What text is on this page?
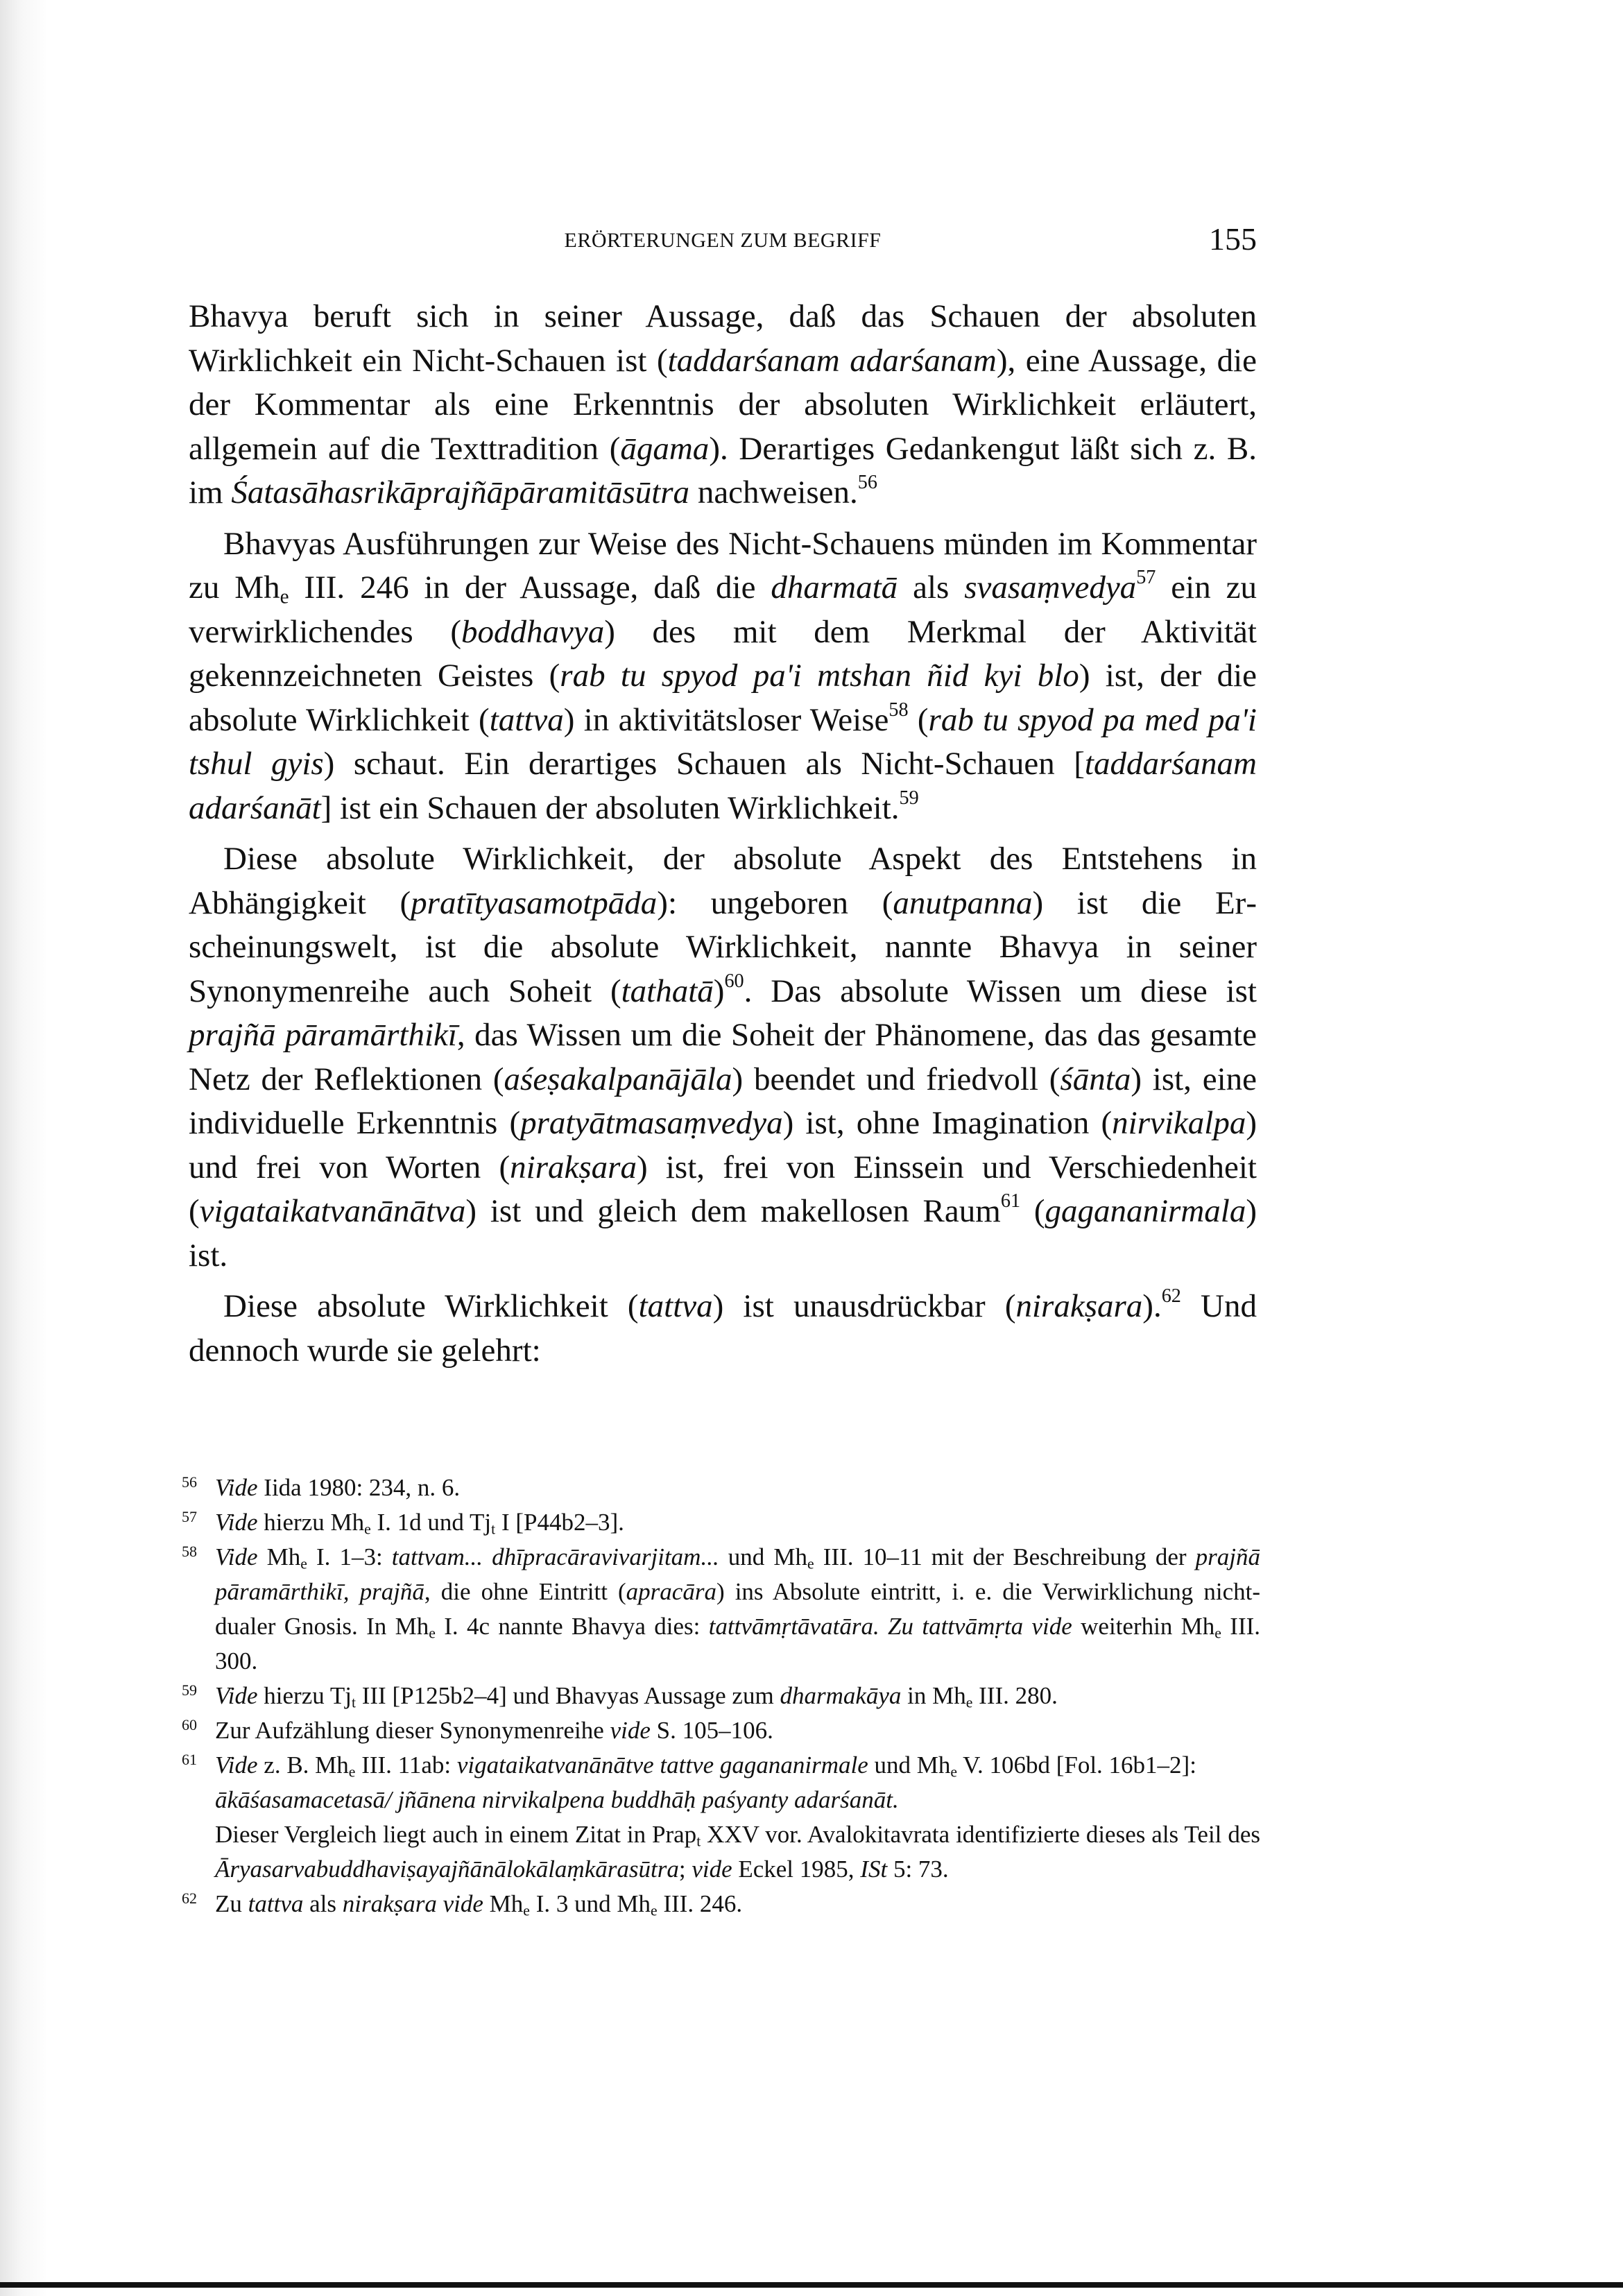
ERÖRTERUNGEN ZUM BEGRIFF	155

Bhavya beruft sich in seiner Aussage, daß das Schauen der absoluten Wirklichkeit ein Nicht-Schauen ist (taddarśanam adarśanam), eine Aussage, die der Kommentar als eine Erkenntnis der absoluten Wirklichkeit erläutert, allgemein auf die Texttradition (āgama). Derartiges Gedankengut läßt sich z. B. im Śatasāhasrikāprajñāpāramitāsūtra nachweisen.$^{56}$

Bhavyas Ausführungen zur Weise des Nicht-Schauens münden im Kommentar zu $Mh_e$ III. 246 in der Aussage, daß die dharmatā als svasaṃvedya$^{57}$ ein zu verwirklichendes (boddhavya) des mit dem Merkmal der Aktivität gekennzeichneten Geistes (rab tu spyod pa'i mtshan ñid kyi blo) ist, der die absolute Wirklichkeit (tattva) in aktivitätsloser Weise$^{58}$ (rab tu spyod pa med pa'i tshul gyis) schaut. Ein derartiges Schauen als Nicht-Schauen [taddarśanam adarśanāt] ist ein Schauen der absoluten Wirklichkeit.$^{59}$

Diese absolute Wirklichkeit, der absolute Aspekt des Entstehens in Abhängigkeit (pratītyasamotpāda): ungeboren (anutpanna) ist die Erscheinungswelt, ist die absolute Wirklichkeit, nannte Bhavya in seiner Synonymenreihe auch Soheit (tathatā)$^{60}$. Das absolute Wissen um diese ist prajñā pāramārthikī, das Wissen um die Soheit der Phänomene, das das gesamte Netz der Reflektionen (aśeṣakalpanājāla) beendet und friedvoll (śānta) ist, eine individuelle Erkenntnis (pratyātmasaṃvedya) ist, ohne Imagination (nirvikalpa) und frei von Worten (nirakṣara) ist, frei von Einssein und Verschiedenheit (vigataikatvanānātva) ist und gleich dem makellosen Raum$^{61}$ (gagananirmala) ist.

Diese absolute Wirklichkeit (tattva) ist unausdrückbar (nirakṣara).$^{62}$ Und dennoch wurde sie gelehrt:

56 Vide Iida 1980: 234, n. 6.
57 Vide hierzu $Mh_e$ I. 1d und $Tj_t$ I [P44b2–3].
58 Vide $Mh_e$ I. 1–3: tattvam... dhīpracāravivarjitam... und $Mh_e$ III. 10–11 mit der Beschreibung der prajñā pāramārthikī, prajñā, die ohne Eintritt (apracāra) ins Absolute eintritt, i. e. die Verwirklichung nicht-dualer Gnosis. In $Mh_e$ I. 4c nannte Bhavya dies: tattvāmṛtāvatāra. Zu tattvāmṛta vide weiterhin $Mh_e$ III. 300.
59 Vide hierzu $Tj_t$ III [P125b2–4] und Bhavyas Aussage zum dharmakāya in $Mh_e$ III. 280.
60 Zur Aufzählung dieser Synonymenreihe vide S. 105–106.
61 Vide z. B. $Mh_e$ III. 11ab: vigataikatvanānātve tattve gagananirmale und $Mh_e$ V. 106bd [Fol. 16b1–2]:
ākāśasamacetasā/ jñānena nirvikalpena buddhāḥ paśyanty adarśanāt.
Dieser Vergleich liegt auch in einem Zitat in Prap$_t$ XXV vor. Avalokitavrata identifizierte dieses als Teil des Āryasarvabuddhaviṣayajñānālokālaṃkārasūtra; vide Eckel 1985, ISt 5: 73.
62 Zu tattva als nirakṣara vide $Mh_e$ I. 3 und $Mh_e$ III. 246.
